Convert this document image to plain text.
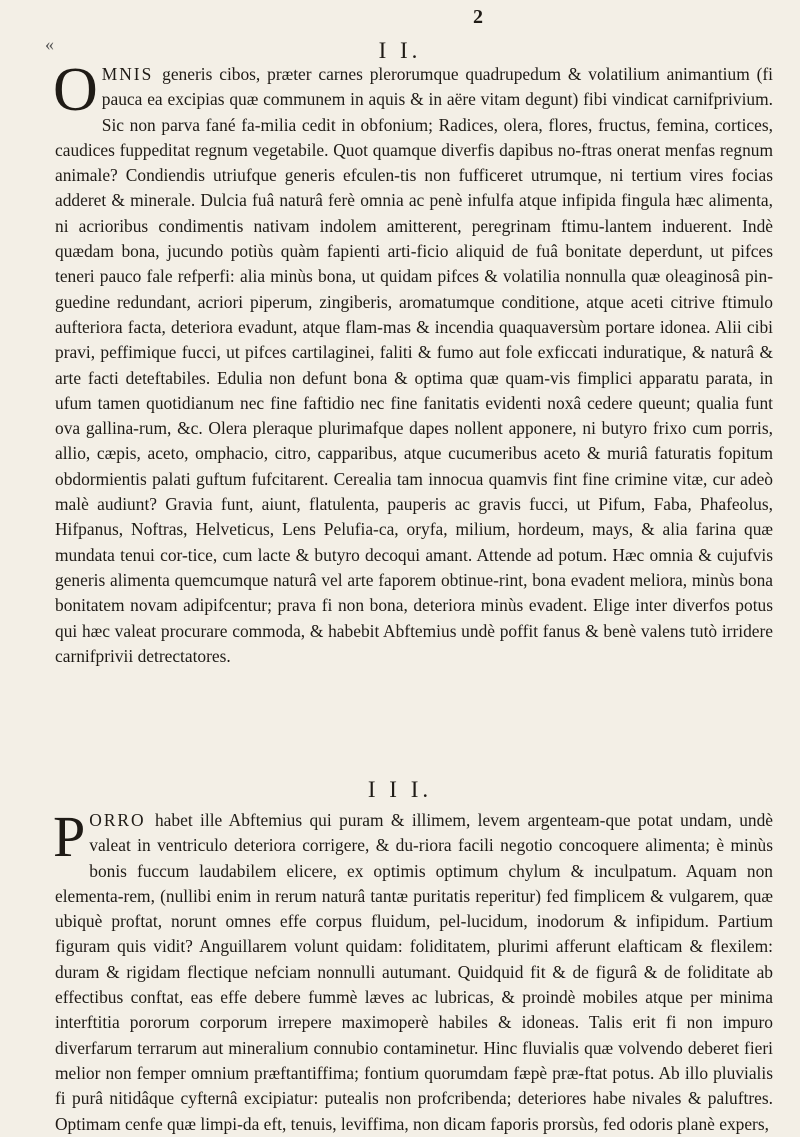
«
2
I I.
O MNIS generis cibos, præter carnes plerorumque quadrupedum & volatilium animantium (fi pauca ea excipias quæ communem in aquis & in aëre vitam degunt) fibi vindicat carnifprivium. Sic non parva fané fa-milia cedit in obfonium; Radices, olera, flores, fructus, femina, cortices, caudices fuppeditat regnum vegetabile. Quot quamque diverfis dapibus no-ftras onerat menfas regnum animale? Condiendis utriufque generis efculen-tis non fufficeret utrumque, ni tertium vires focias adderet & minerale. Dulcia fuâ naturâ ferè omnia ac penè infulfa atque infipida fingula hæc alimenta, ni acrioribus condimentis nativam indolem amitterent, peregrinam ftimu-lantem induerent. Indè quædam bona, jucundo potiùs quàm fapienti arti-ficio aliquid de fuâ bonitate deperdunt, ut pifces teneri pauco fale refperfi: alia minùs bona, ut quidam pifces & volatilia nonnulla quæ oleaginosâ pin-guedine redundant, acriori piperum, zingiberis, aromatumque conditione, atque aceti citrive ftimulo aufteriora facta, deteriora evadunt, atque flam-mas & incendia quaquaversùm portare idonea. Alii cibi pravi, peffimique fucci, ut pifces cartilaginei, faliti & fumo aut fole exficcati induratique, & naturâ & arte facti deteftabiles. Edulia non defunt bona & optima quæ quam-vis fimplici apparatu parata, in ufum tamen quotidianum nec fine faftidio nec fine fanitatis evidenti noxâ cedere queunt; qualia funt ova gallina-rum, &c. Olera pleraque plurimafque dapes nollent apponere, ni butyro frixo cum porris, allio, cæpis, aceto, omphacio, citro, capparibus, atque cucumeribus aceto & muriâ faturatis fopitum obdormientis palati guftum fufcitarent. Cerealia tam innocua quamvis fint fine crimine vitæ, cur adeò malè audiunt? Gravia funt, aiunt, flatulenta, pauperis ac gravis fucci, ut Pifum, Faba, Phafeolus, Hifpanus, Noftras, Helveticus, Lens Pelufia-ca, oryfa, milium, hordeum, mays, & alia farina quæ mundata tenui cor-tice, cum lacte & butyro decoqui amant. Attende ad potum. Hæc omnia & cujufvis generis alimenta quemcumque naturâ vel arte faporem obtinue-rint, bona evadent meliora, minùs bona bonitatem novam adipifcentur; prava fi non bona, deteriora minùs evadent. Elige inter diverfos potus qui hæc valeat procurare commoda, & habebit Abftemius undè poffit fanus & benè valens tutò irridere carnifprivii detrectatores.
I I I.
P ORRO habet ille Abftemius qui puram & illimem, levem argenteam-que potat undam, undè valeat in ventriculo deteriora corrigere, & du-riora facili negotio concoquere alimenta; è minùs bonis fuccum laudabilem elicere, ex optimis optimum chylum & inculpatum. Aquam non elementa-rem, (nullibi enim in rerum naturâ tantæ puritatis reperitur) fed fimplicem & vulgarem, quæ ubiquè proftat, norunt omnes effe corpus fluidum, pel-lucidum, inodorum & infipidum. Partium figuram quis vidit? Anguillarem volunt quidam: foliditatem, plurimi afferunt elafticam & flexilem: duram & rigidam flectique nefciam nonnulli autumant. Quidquid fit & de figurâ & de foliditate ab effectibus conftat, eas effe debere fummè læves ac lubricas, & proindè mobiles atque per minima interftitia pororum corporum irrepere maximoperè habiles & idoneas. Talis erit fi non impuro diverfarum terrarum aut mineralium connubio contaminetur. Hinc fluvialis quæ volvendo deberet fieri melior non femper omnium præftantiffima; fontium quorumdam fæpè præ-ftat potus. Ab illo pluvialis fi purâ nitidâque cyfternâ excipiatur: putealis non profcribenda; deteriores habe nivales & paluftres. Optimam cenfe quæ limpi-da eft, tenuis, leviffima, non dicam faporis prorsùs, fed odoris planè expers,
